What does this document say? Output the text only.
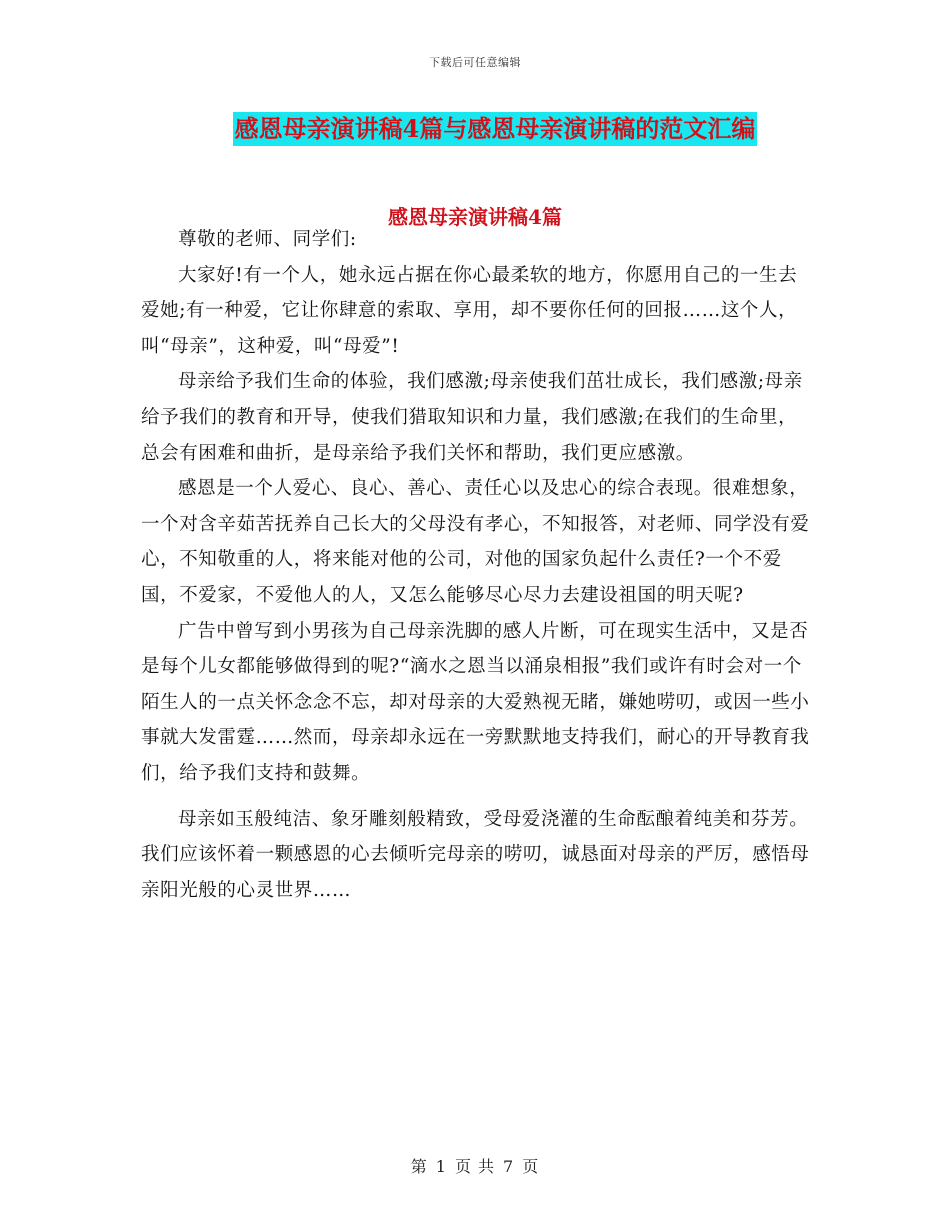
下载后可任意编辑
感恩母亲演讲稿4篇与感恩母亲演讲稿的范文汇编
感恩母亲演讲稿4篇

尊敬的老师、同学们:

大家好!有一个人，她永远占据在你心最柔软的地方，你愿用自己的一生去爱她;有一种爱，它让你肆意的索取、享用，却不要你任何的回报……这个人，叫“母亲”，这种爱，叫“母爱”!

母亲给予我们生命的体验，我们感激;母亲使我们茁壮成长，我们感激;母亲给予我们的教育和开导，使我们猎取知识和力量，我们感激;在我们的生命里，总会有困难和曲折，是母亲给予我们关怀和帮助，我们更应感激。

感恩是一个人爱心、良心、善心、责任心以及忠心的综合表现。很难想象，一个对含辛茹苦抚养自己长大的父母没有孝心，不知报答，对老师、同学没有爱心，不知敬重的人，将来能对他的公司，对他的国家负起什么责任?一个不爱国，不爱家，不爱他人的人，又怎么能够尽心尽力去建设祖国的明天呢?

广告中曾写到小男孩为自己母亲洗脚的感人片断，可在现实生活中，又是否是每个儿女都能够做得到的呢?“滴水之恩当以涌泉相报”我们或许有时会对一个陌生人的一点关怀念念不忘，却对母亲的大爱熟视无睹，嫌她唠叨，或因一些小事就大发雷霆……然而，母亲却永远在一旁默默地支持我们，耐心的开导教育我们，给予我们支持和鼓舞。

母亲如玉般纯洁、象牙雕刻般精致，受母爱浇灌的生命酝酿着纯美和芬芳。我们应该怀着一颗感恩的心去倾听完母亲的唠叨，诚恳面对母亲的严厉，感悟母亲阳光般的心灵世界……

第 1 页 共 7 页
